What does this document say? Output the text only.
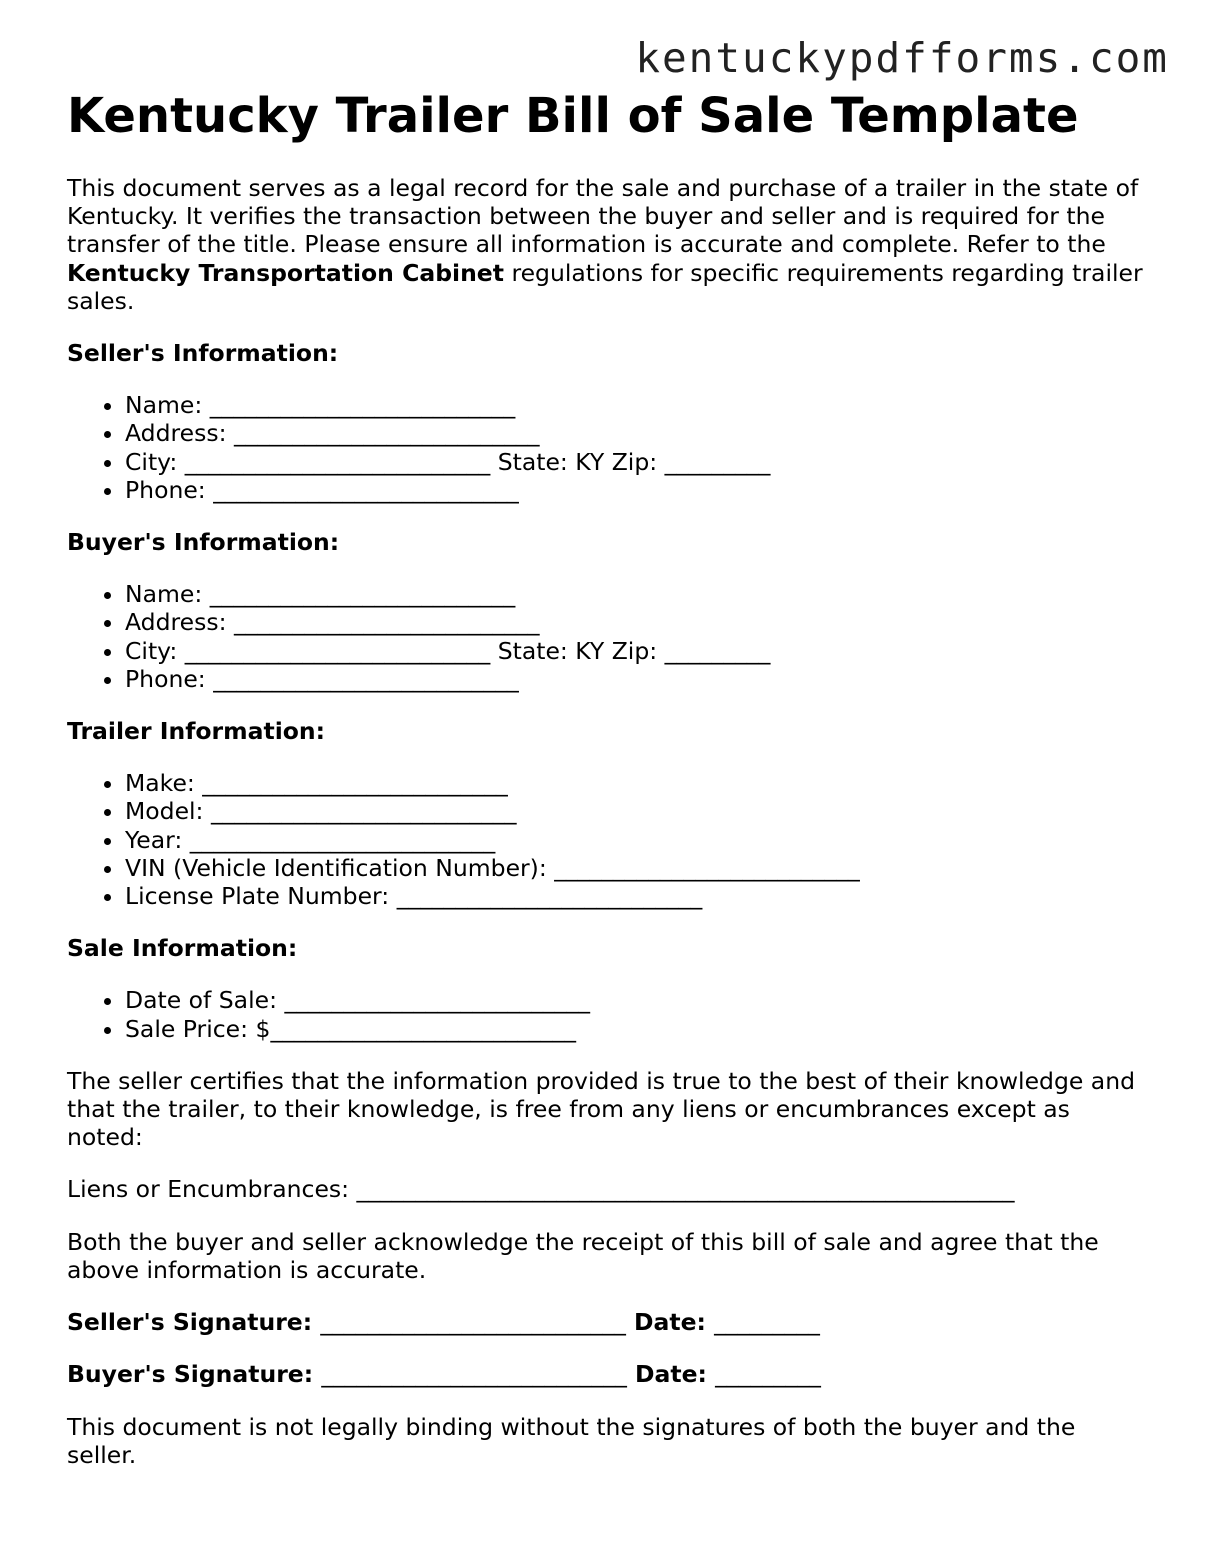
kentuckypdfforms.com
Kentucky Trailer Bill of Sale Template

This document serves as a legal record for the sale and purchase of a trailer in the state of Kentucky. It verifies the transaction between the buyer and seller and is required for the transfer of the title. Please ensure all information is accurate and complete. Refer to the Kentucky Transportation Cabinet regulations for specific requirements regarding trailer sales.

Seller's Information:
• Name: __________________________
• Address: __________________________
• City: __________________________ State: KY Zip: _________
• Phone: __________________________
Buyer's Information:
• Name: __________________________
• Address: __________________________
• City: __________________________ State: KY Zip: _________
• Phone: __________________________
Trailer Information:
• Make: __________________________
• Model: __________________________
• Year: __________________________
• VIN (Vehicle Identification Number): __________________________
• License Plate Number: __________________________
Sale Information:
• Date of Sale: __________________________
• Sale Price: $__________________________

The seller certifies that the information provided is true to the best of their knowledge and that the trailer, to their knowledge, is free from any liens or encumbrances except as noted:

Liens or Encumbrances: ________________________________________________________

Both the buyer and seller acknowledge the receipt of this bill of sale and agree that the above information is accurate.

Seller's Signature: __________________________ Date: _________
Buyer's Signature: __________________________ Date: _________

This document is not legally binding without the signatures of both the buyer and the seller.
